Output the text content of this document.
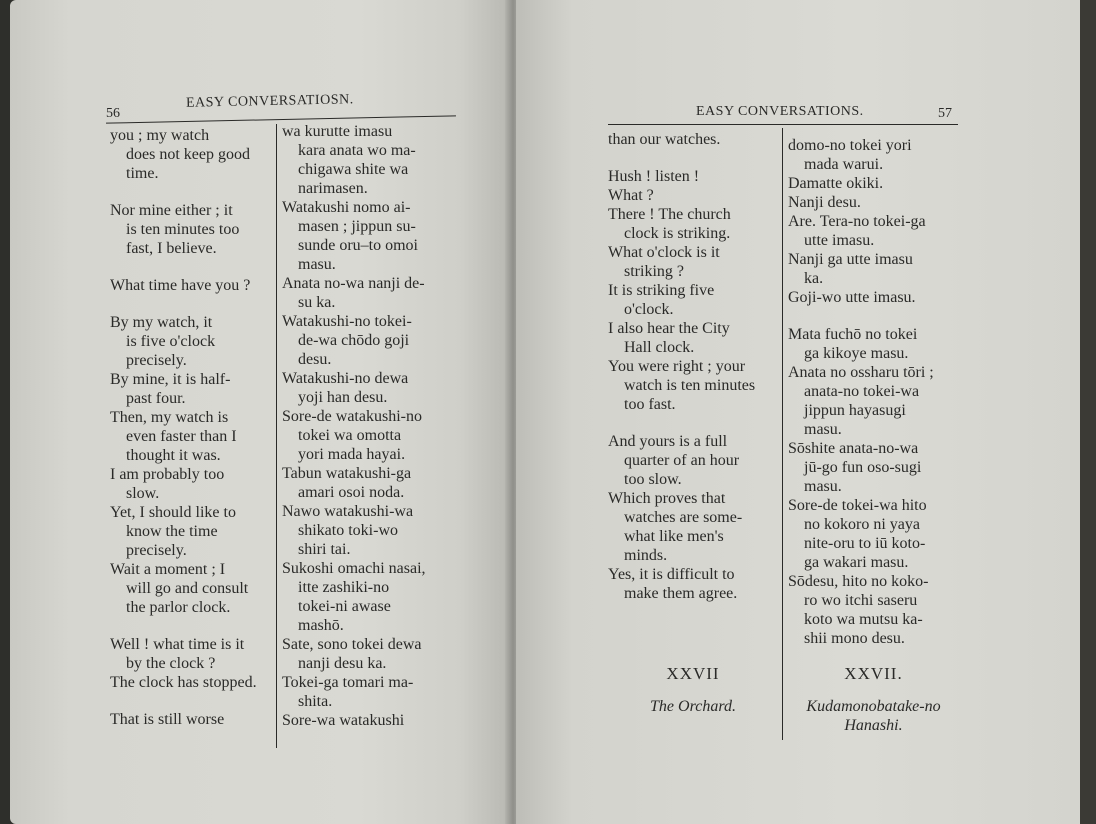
56
EASY CONVERSATIOSN.
you ; my watch
does not keep good
time.
Nor mine either ; it
is ten minutes too
fast, I believe.
What time have you ?
By my watch, it
is five o'clock
precisely.
By mine, it is half-
past four.
Then, my watch is
even faster than I
thought it was.
I am probably too
slow.
Yet, I should like to
know the time
precisely.
Wait a moment ; I
will go and consult
the parlor clock.
Well ! what time is it
by the clock ?
The clock has stopped.
That is still worse
wa kurutte imasu
kara anata wo ma-
chigawa shite wa
narimasen.
Watakushi nomo ai-
masen ; jippun su-
sunde oru–to omoi
masu.
Anata no-wa nanji de-
su ka.
Watakushi-no tokei-
de-wa chōdo goji
desu.
Watakushi-no dewa
yoji han desu.
Sore-de watakushi-no
tokei wa omotta
yori mada hayai.
Tabun watakushi-ga
amari osoi noda.
Nawo watakushi-wa
shikato toki-wo
shiri tai.
Sukoshi omachi nasai,
itte zashiki-no
tokei-ni awase
mashō.
Sate, sono tokei dewa
nanji desu ka.
Tokei-ga tomari ma-
shita.
Sore-wa watakushi
EASY CONVERSATIONS.	57
than our watches.
Hush ! listen !
What ?
There ! The church
clock is striking.
What o'clock is it
striking ?
It is striking five
o'clock.
I also hear the City
Hall clock.
You were right ; your
watch is ten minutes
too fast.
And yours is a full
quarter of an hour
too slow.
Which proves that
watches are some-
what like men's
minds.
Yes, it is difficult to
make them agree.
domo-no tokei yori
mada warui.
Damatte okiki.
Nanji desu.
Are. Tera-no tokei-ga
utte imasu.
Nanji ga utte imasu
ka.
Goji-wo utte imasu.
Mata fuchō no tokei
ga kikoye masu.
Anata no ossharu tōri ;
anata-no tokei-wa
jippun hayasugi
masu.
Sōshite anata-no-wa
jū-go fun oso-sugi
masu.
Sore-de tokei-wa hito
no kokoro ni yaya
nite-oru to iū koto-
ga wakari masu.
Sōdesu, hito no koko-
ro wo itchi saseru
koto wa mutsu ka-
shii mono desu.
XXVII
The Orchard.
XXVII.
Kudamonobatake-no
Hanashi.
